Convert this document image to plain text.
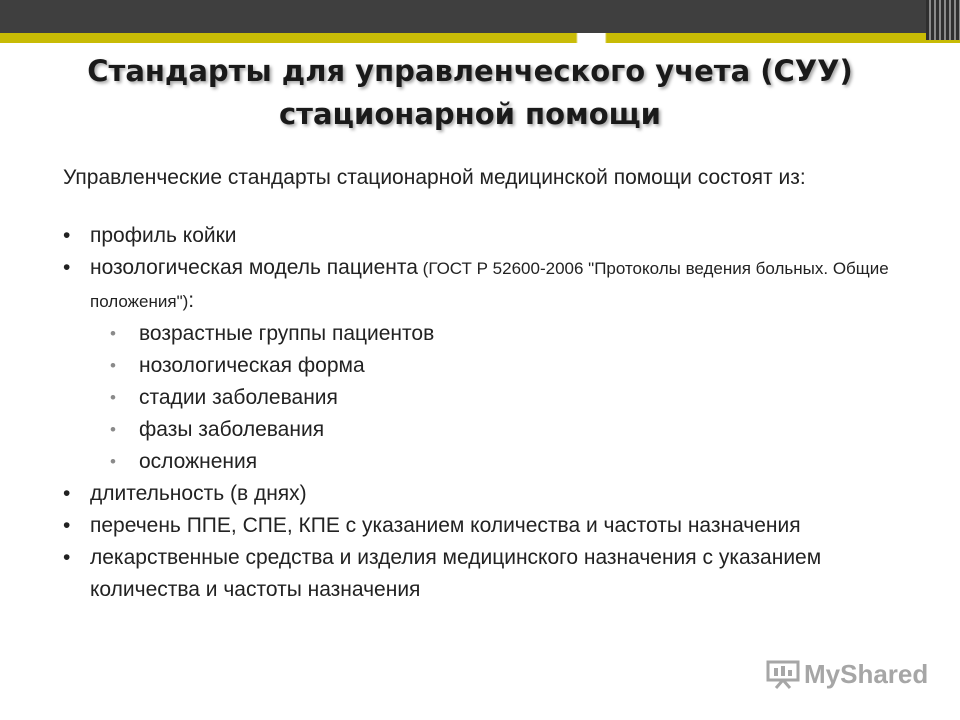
Стандарты для управленческого учета (СУУ)
стационарной помощи

Управленческие стандарты стационарной медицинской помощи состоят из:

• профиль койки
• нозологическая модель пациента (ГОСТ Р 52600-2006 "Протоколы ведения больных. Общие положения"):
• возрастные группы пациентов
• нозологическая форма
• стадии заболевания
• фазы заболевания
• осложнения
• длительность (в днях)
• перечень ППЕ, СПЕ, КПЕ с указанием количества и частоты назначения
• лекарственные средства и изделия медицинского назначения с указанием количества и частоты назначения
MyShared
